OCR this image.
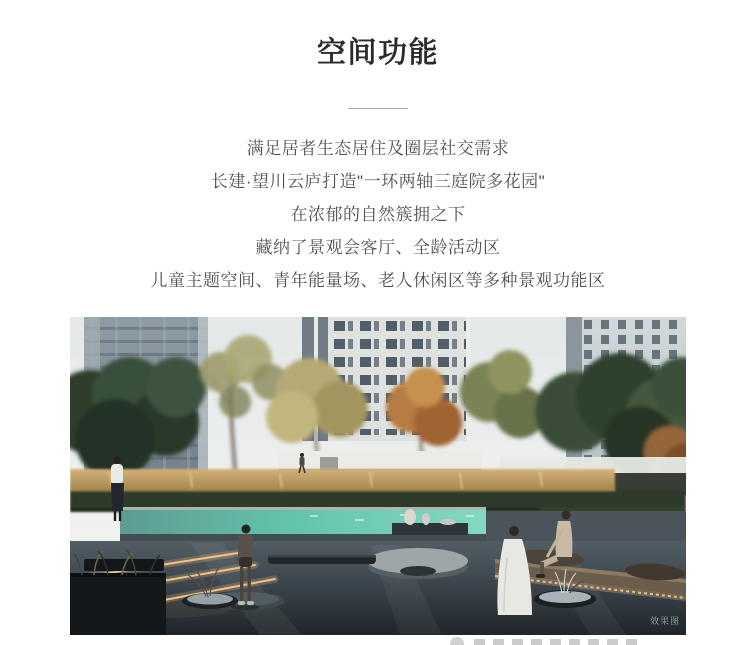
空间功能

满足居者生态居住及圈层社交需求

长建·望川云庐打造"一环两轴三庭院多花园"

在浓郁的自然簇拥之下

藏纳了景观会客厅、全龄活动区

儿童主题空间、青年能量场、老人休闲区等多种景观功能区

效果图
